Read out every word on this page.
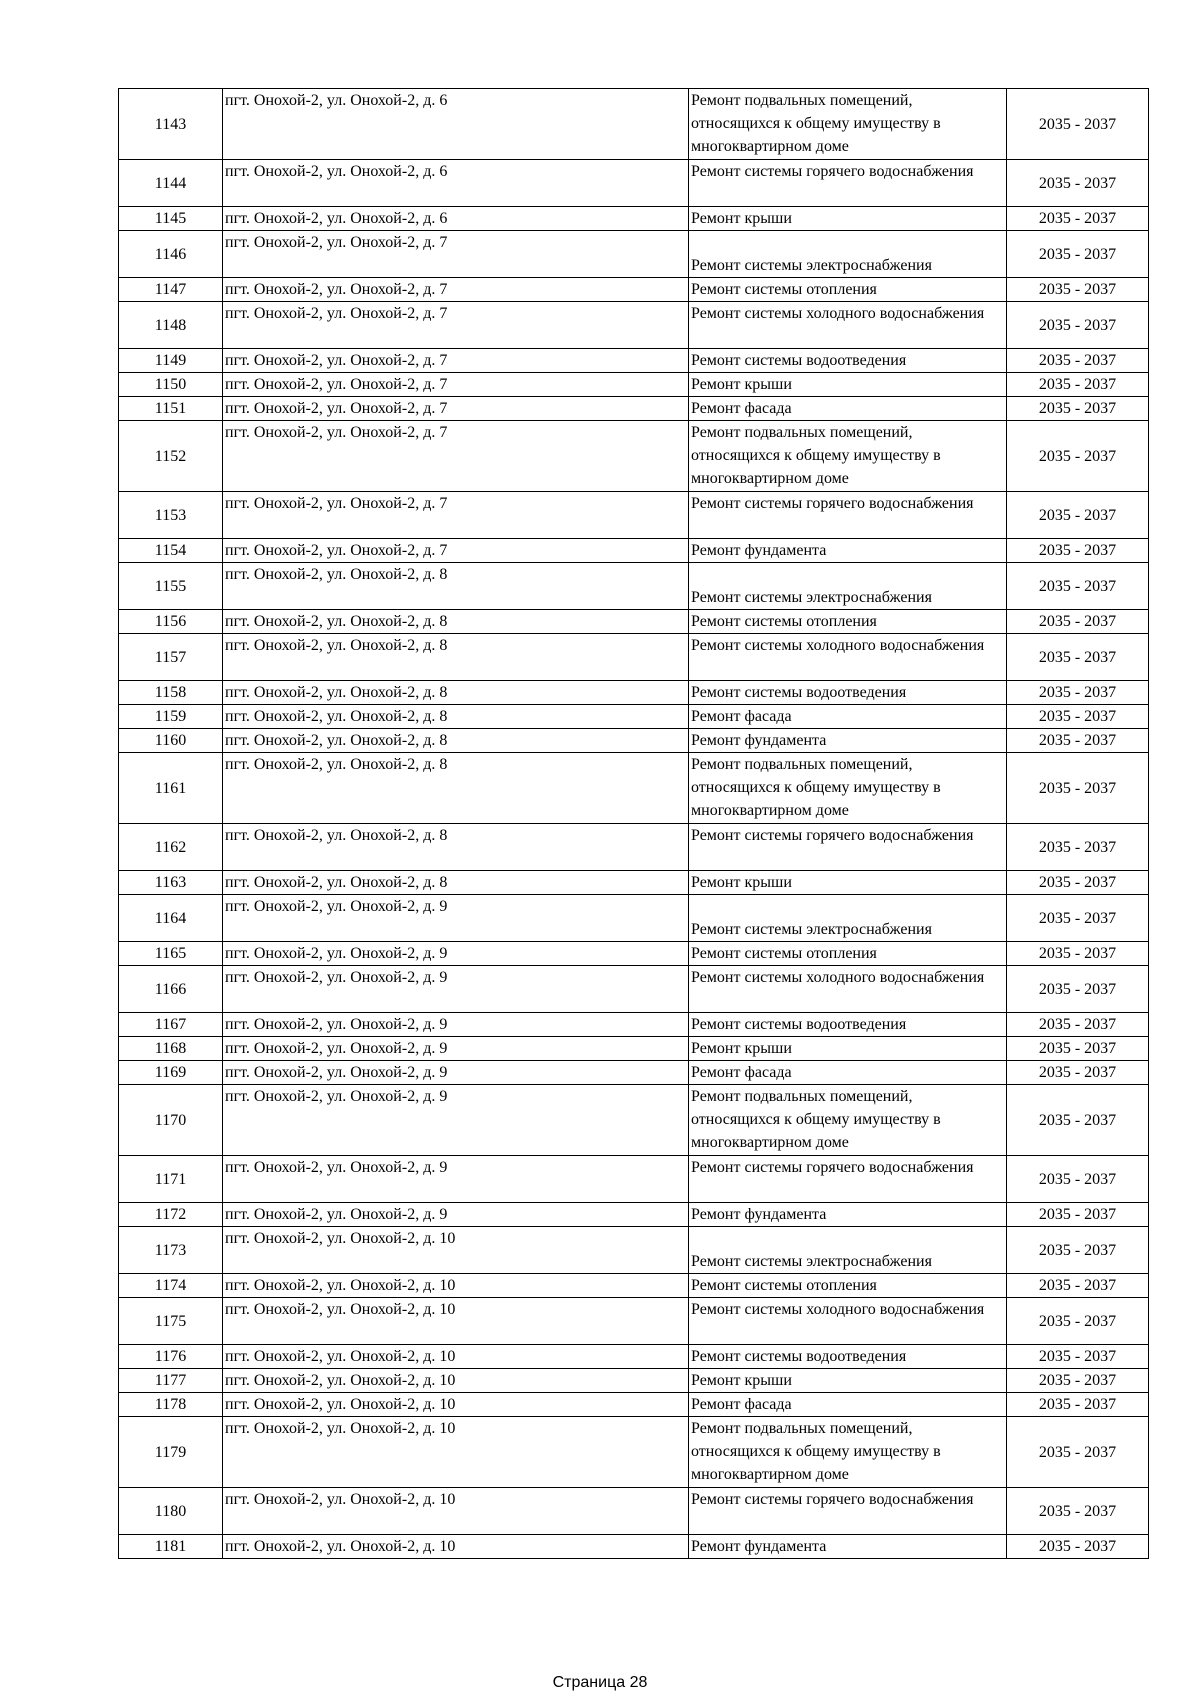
1143	пгт. Онохой-2, ул. Онохой-2, д. 6	Ремонт подвальных помещений, относящихся к общему имуществу в многоквартирном доме	2035 - 2037
1144	пгт. Онохой-2, ул. Онохой-2, д. 6	Ремонт системы горячего водоснабжения	2035 - 2037
1145	пгт. Онохой-2, ул. Онохой-2, д. 6	Ремонт крыши	2035 - 2037
1146	пгт. Онохой-2, ул. Онохой-2, д. 7	Ремонт системы электроснабжения	2035 - 2037
1147	пгт. Онохой-2, ул. Онохой-2, д. 7	Ремонт системы отопления	2035 - 2037
1148	пгт. Онохой-2, ул. Онохой-2, д. 7	Ремонт системы холодного водоснабжения	2035 - 2037
1149	пгт. Онохой-2, ул. Онохой-2, д. 7	Ремонт системы водоотведения	2035 - 2037
1150	пгт. Онохой-2, ул. Онохой-2, д. 7	Ремонт крыши	2035 - 2037
1151	пгт. Онохой-2, ул. Онохой-2, д. 7	Ремонт фасада	2035 - 2037
1152	пгт. Онохой-2, ул. Онохой-2, д. 7	Ремонт подвальных помещений, относящихся к общему имуществу в многоквартирном доме	2035 - 2037
1153	пгт. Онохой-2, ул. Онохой-2, д. 7	Ремонт системы горячего водоснабжения	2035 - 2037
1154	пгт. Онохой-2, ул. Онохой-2, д. 7	Ремонт фундамента	2035 - 2037
1155	пгт. Онохой-2, ул. Онохой-2, д. 8	Ремонт системы электроснабжения	2035 - 2037
1156	пгт. Онохой-2, ул. Онохой-2, д. 8	Ремонт системы отопления	2035 - 2037
1157	пгт. Онохой-2, ул. Онохой-2, д. 8	Ремонт системы холодного водоснабжения	2035 - 2037
1158	пгт. Онохой-2, ул. Онохой-2, д. 8	Ремонт системы водоотведения	2035 - 2037
1159	пгт. Онохой-2, ул. Онохой-2, д. 8	Ремонт фасада	2035 - 2037
1160	пгт. Онохой-2, ул. Онохой-2, д. 8	Ремонт фундамента	2035 - 2037
1161	пгт. Онохой-2, ул. Онохой-2, д. 8	Ремонт подвальных помещений, относящихся к общему имуществу в многоквартирном доме	2035 - 2037
1162	пгт. Онохой-2, ул. Онохой-2, д. 8	Ремонт системы горячего водоснабжения	2035 - 2037
1163	пгт. Онохой-2, ул. Онохой-2, д. 8	Ремонт крыши	2035 - 2037
1164	пгт. Онохой-2, ул. Онохой-2, д. 9	Ремонт системы электроснабжения	2035 - 2037
1165	пгт. Онохой-2, ул. Онохой-2, д. 9	Ремонт системы отопления	2035 - 2037
1166	пгт. Онохой-2, ул. Онохой-2, д. 9	Ремонт системы холодного водоснабжения	2035 - 2037
1167	пгт. Онохой-2, ул. Онохой-2, д. 9	Ремонт системы водоотведения	2035 - 2037
1168	пгт. Онохой-2, ул. Онохой-2, д. 9	Ремонт крыши	2035 - 2037
1169	пгт. Онохой-2, ул. Онохой-2, д. 9	Ремонт фасада	2035 - 2037
1170	пгт. Онохой-2, ул. Онохой-2, д. 9	Ремонт подвальных помещений, относящихся к общему имуществу в многоквартирном доме	2035 - 2037
1171	пгт. Онохой-2, ул. Онохой-2, д. 9	Ремонт системы горячего водоснабжения	2035 - 2037
1172	пгт. Онохой-2, ул. Онохой-2, д. 9	Ремонт фундамента	2035 - 2037
1173	пгт. Онохой-2, ул. Онохой-2, д. 10	Ремонт системы электроснабжения	2035 - 2037
1174	пгт. Онохой-2, ул. Онохой-2, д. 10	Ремонт системы отопления	2035 - 2037
1175	пгт. Онохой-2, ул. Онохой-2, д. 10	Ремонт системы холодного водоснабжения	2035 - 2037
1176	пгт. Онохой-2, ул. Онохой-2, д. 10	Ремонт системы водоотведения	2035 - 2037
1177	пгт. Онохой-2, ул. Онохой-2, д. 10	Ремонт крыши	2035 - 2037
1178	пгт. Онохой-2, ул. Онохой-2, д. 10	Ремонт фасада	2035 - 2037
1179	пгт. Онохой-2, ул. Онохой-2, д. 10	Ремонт подвальных помещений, относящихся к общему имуществу в многоквартирном доме	2035 - 2037
1180	пгт. Онохой-2, ул. Онохой-2, д. 10	Ремонт системы горячего водоснабжения	2035 - 2037
1181	пгт. Онохой-2, ул. Онохой-2, д. 10	Ремонт фундамента	2035 - 2037
Страница 28
